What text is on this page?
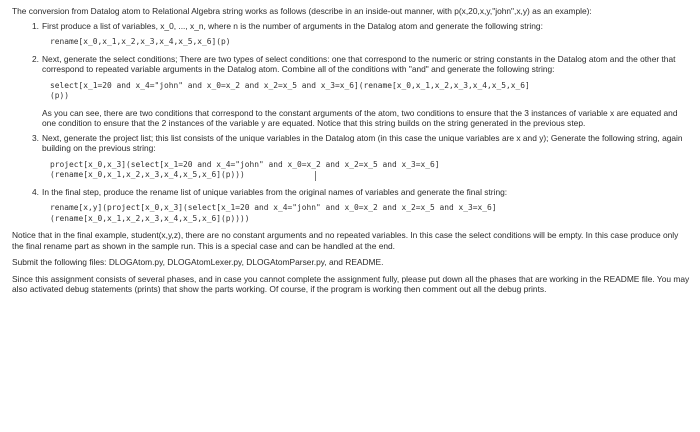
The conversion from Datalog atom to Relational Algebra string works as follows (describe in an inside-out manner, with p(x,20,x,y,"john",x,y) as an example):

1. First produce a list of variables, x_0, ..., x_n, where n is the number of arguments in the Datalog atom and generate the following string:

rename[x_0,x_1,x_2,x_3,x_4,x_5,x_6](p)
2. Next, generate the select conditions; There are two types of select conditions: one that correspond to the numeric or string constants in the Datalog atom and the other that correspond to repeated variable arguments in the Datalog atom. Combine all of the conditions with "and" and generate the following string:

select[x_1=20 and x_4="john" and x_0=x_2 and x_2=x_5 and x_3=x_6](rename[x_0,x_1,x_2,x_3,x_4,x_5,x_6]
(p))

As you can see, there are two conditions that correspond to the constant arguments of the atom, two conditions to ensure that the 3 instances of variable x are equated and one condition to ensure that the 2 instances of the variable y are equated. Notice that this string builds on the string generated in the previous step.

3. Next, generate the project list; this list consists of the unique variables in the Datalog atom (in this case the unique variables are x and y); Generate the following string, again building on the previous string:

project[x_0,x_3](select[x_1=20 and x_4="john" and x_0=x_2 and x_2=x_5 and x_3=x_6]
(rename[x_0,x_1,x_2,x_3,x_4,x_5,x_6](p)))
4. In the final step, produce the rename list of unique variables from the original names of variables and generate the final string:

rename[x,y](project[x_0,x_3](select[x_1=20 and x_4="john" and x_0=x_2 and x_2=x_5 and x_3=x_6]
(rename[x_0,x_1,x_2,x_3,x_4,x_5,x_6](p))))

Notice that in the final example, student(x,y,z), there are no constant arguments and no repeated variables. In this case the select conditions will be empty. In this case produce only the final rename part as shown in the sample run. This is a special case and can be handled at the end.

Submit the following files: DLOGAtom.py, DLOGAtomLexer.py, DLOGAtomParser.py, and README.

Since this assignment consists of several phases, and in case you cannot complete the assignment fully, please put down all the phases that are working in the README file. You may also activated debug statements (prints) that show the parts working. Of course, if the program is working then comment out all the debug prints.
